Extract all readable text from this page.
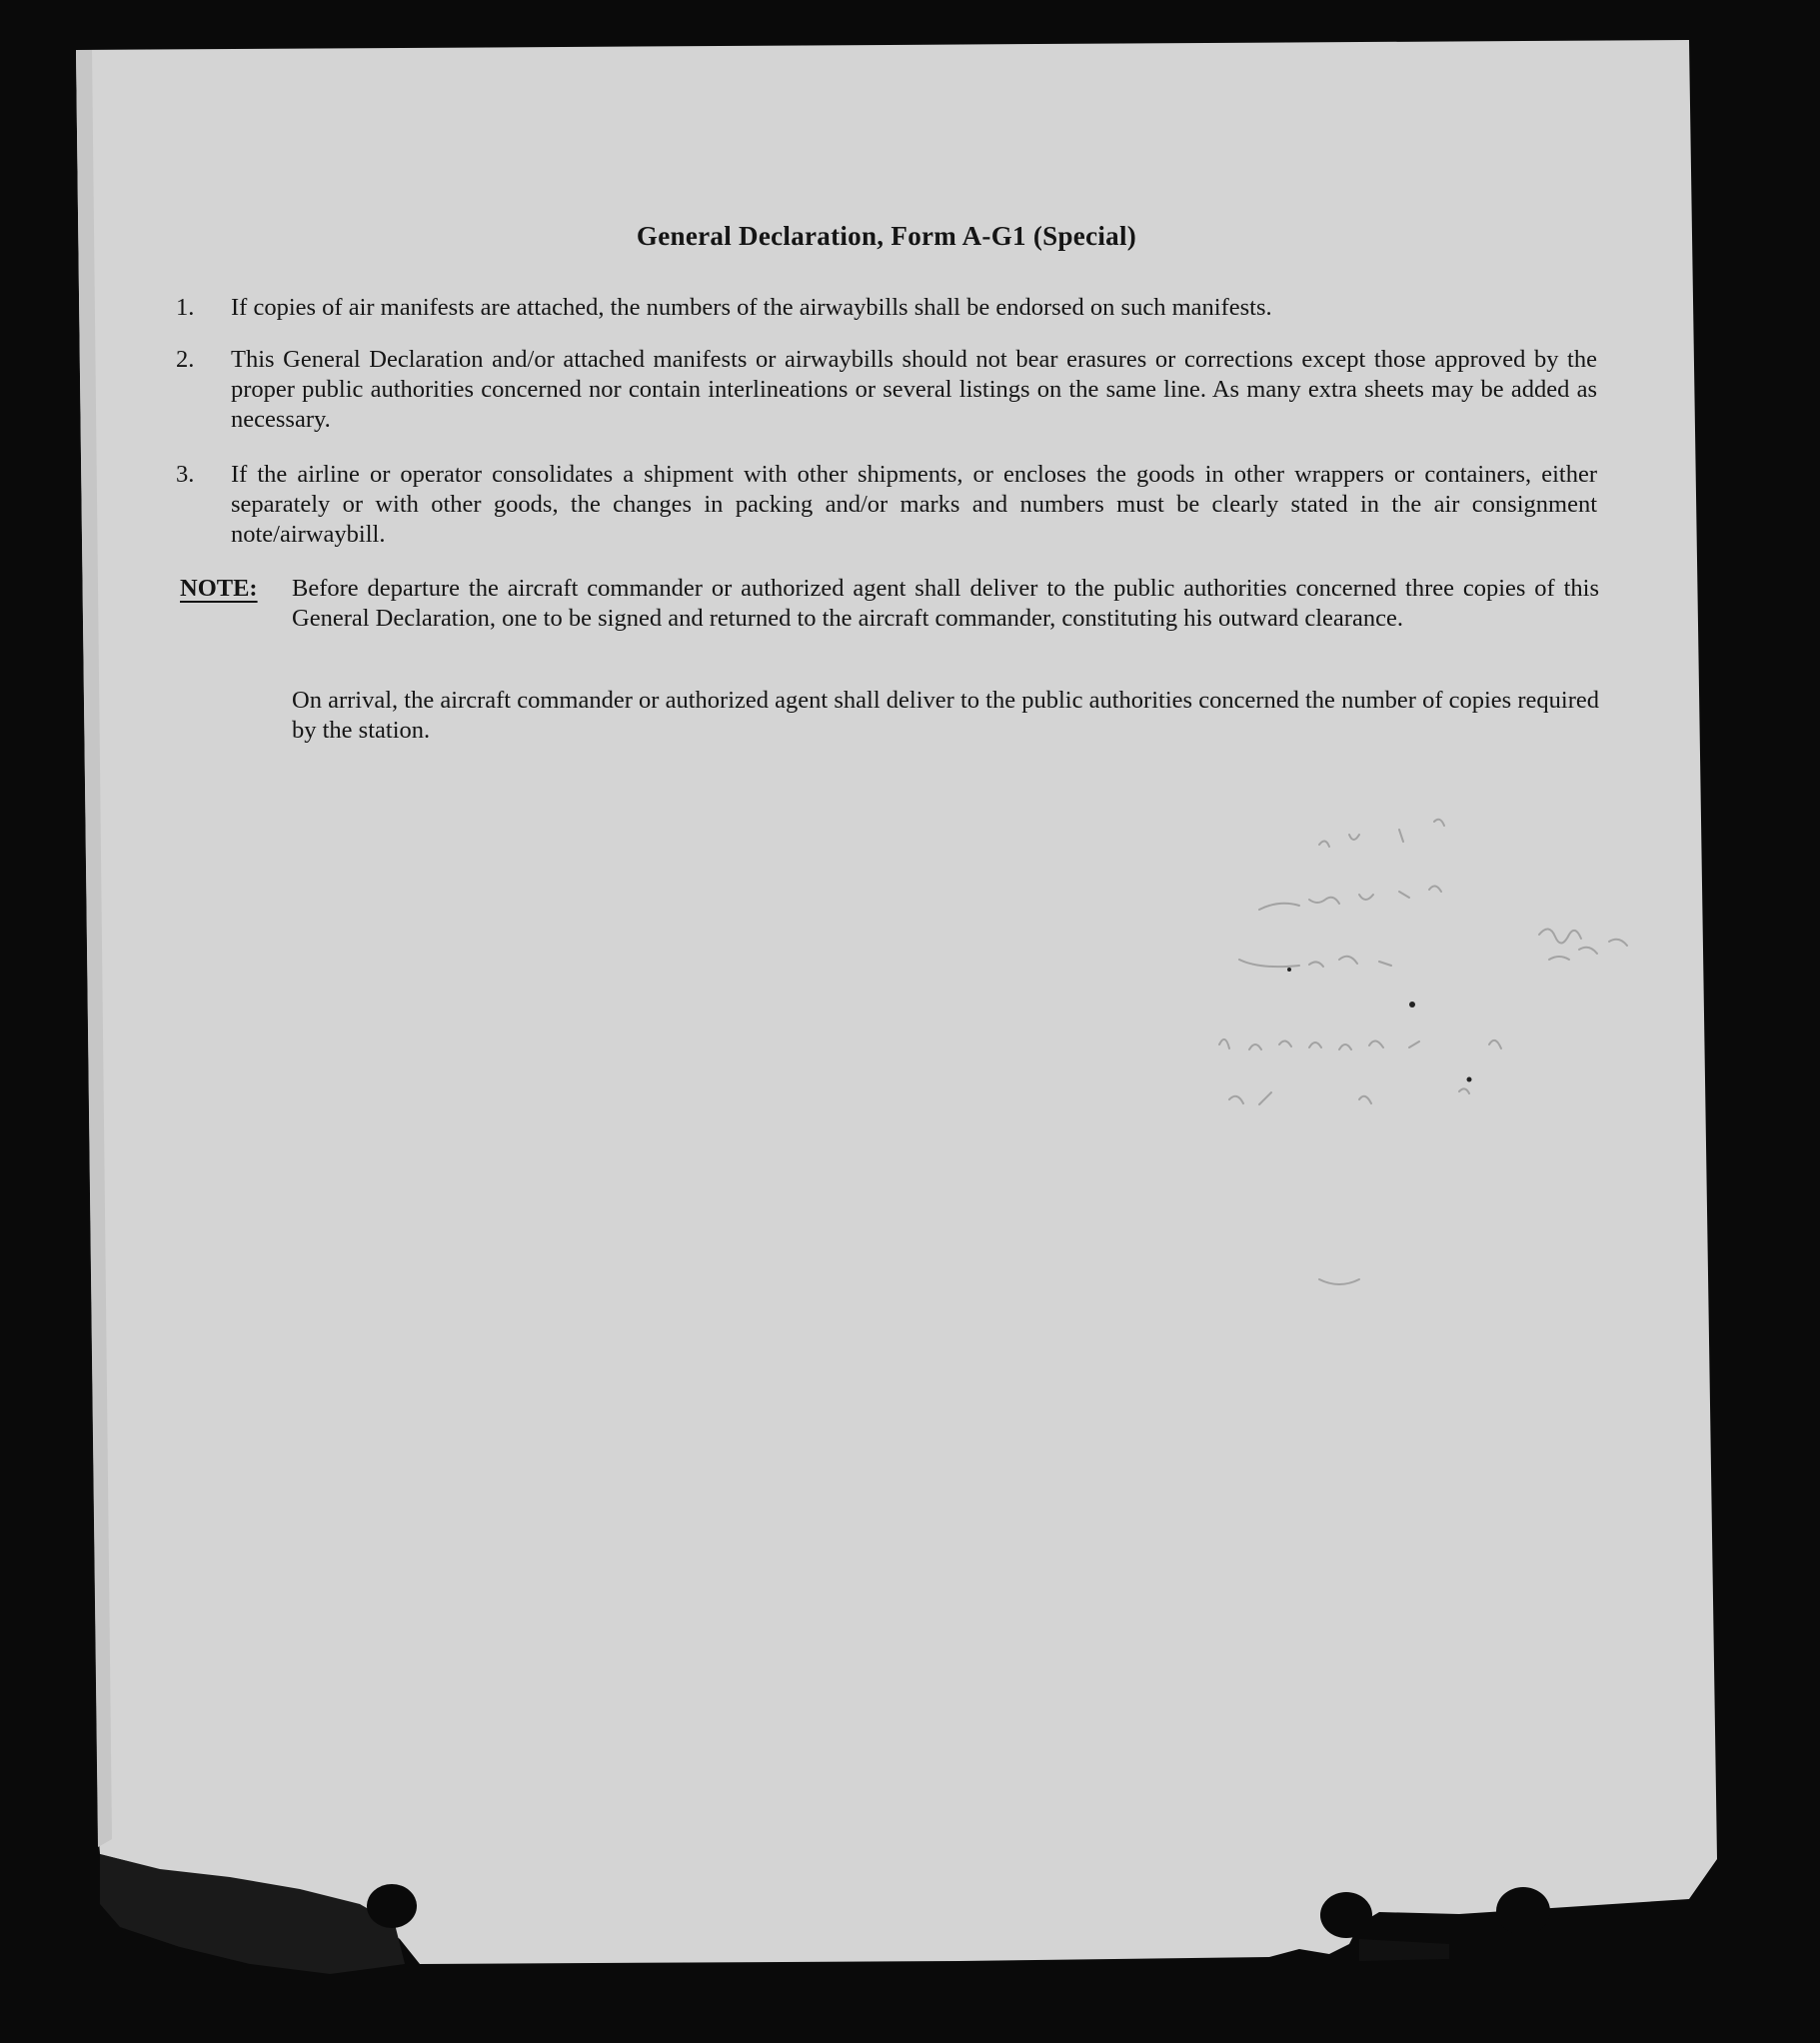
General Declaration, Form A-G1 (Special)
1.	If copies of air manifests are attached, the numbers of the airwaybills shall be endorsed on such manifests.
2.	This General Declaration and/or attached manifests or airwaybills should not bear erasures or corrections except those approved by the proper public authorities concerned nor contain interlineations or several listings on the same line. As many extra sheets may be added as necessary.
3.	If the airline or operator consolidates a shipment with other shipments, or encloses the goods in other wrappers or containers, either separately or with other goods, the changes in packing and/or marks and numbers must be clearly stated in the air consignment note/airwaybill.
NOTE: Before departure the aircraft commander or authorized agent shall deliver to the public authorities concerned three copies of this General Declaration, one to be signed and returned to the aircraft commander, constituting his outward clearance.
On arrival, the aircraft commander or authorized agent shall deliver to the public authorities concerned the number of copies required by the station.
